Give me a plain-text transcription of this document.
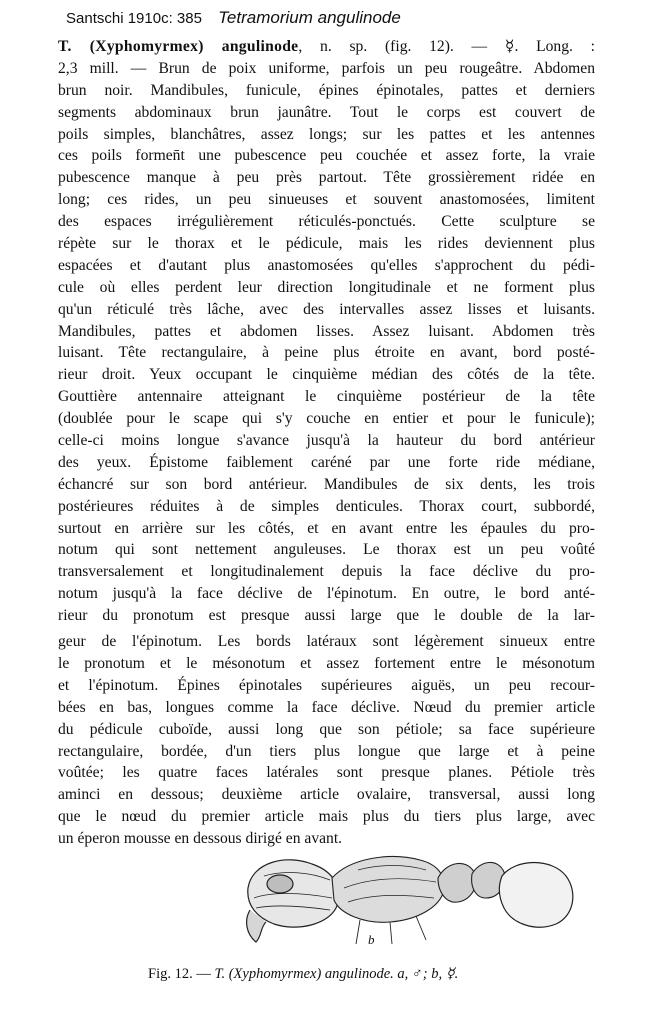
Santschi 1910c: 385 Tetramorium angulinode
T. (Xyphomyrmex) angulinode, n. sp. (fig. 12). — ☿. Long. :
2,3 mill. — Brun de poix uniforme, parfois un peu rougeâtre. Abdomen
brun noir. Mandibules, funicule, épines épinotales, pattes et derniers
segments abdominaux brun jaunâtre. Tout le corps est couvert de
poils simples, blanchâtres, assez longs; sur les pattes et les antennes
ces poils formen̄t une pubescence peu couchée et assez forte, la vraie
pubescence manque à peu près partout. Tête grossièrement ridée en
long; ces rides, un peu sinueuses et souvent anastomosées, limitent
des espaces irrégulièrement réticulés-ponctués. Cette sculpture se
répète sur le thorax et le pédicule, mais les rides deviennent plus
espacées et d'autant plus anastomosées qu'elles s'approchent du pédi-
cule où elles perdent leur direction longitudinale et ne forment plus
qu'un réticulé très lâche, avec des intervalles assez lisses et luisants.
Mandibules, pattes et abdomen lisses. Assez luisant. Abdomen très
luisant. Tête rectangulaire, à peine plus étroite en avant, bord posté-
rieur droit. Yeux occupant le cinquième médian des côtés de la tête.
Gouttière antennaire atteignant le cinquième postérieur de la tête
(doublée pour le scape qui s'y couche en entier et pour le funicule);
celle-ci moins longue s'avance jusqu'à la hauteur du bord antérieur
des yeux. Épistome faiblement caréné par une forte ride médiane,
échancré sur son bord antérieur. Mandibules de six dents, les trois
postérieures réduites à de simples denticules. Thorax court, subbordé,
surtout en arrière sur les côtés, et en avant entre les épaules du pro-
notum qui sont nettement anguleuses. Le thorax est un peu voûté
transversalement et longitudinalement depuis la face déclive du pro-
notum jusqu'à la face déclive de l'épinotum. En outre, le bord anté-
rieur du pronotum est presque aussi large que le double de la lar-
geur de l'épinotum. Les bords latéraux sont légèrement sinueux entre
le pronotum et le mésonotum et assez fortement entre le mésonotum
et l'épinotum. Épines épinotales supérieures aiguës, un peu recour-
bées en bas, longues comme la face déclive. Nœud du premier article
du pédicule cuboïde, aussi long que son pétiole; sa face supérieure
rectangulaire, bordée, d'un tiers plus longue que large et à peine
voûtée; les quatre faces latérales sont presque planes. Pétiole très
aminci en dessous; deuxième article ovalaire, transversal, aussi long
que le nœud du premier article mais plus du tiers plus large, avec
un éperon mousse en dessous dirigé en avant.
b
Fig. 12. — T. (Xyphomyrmex) angulinode. a, ♂; b, ☿.
